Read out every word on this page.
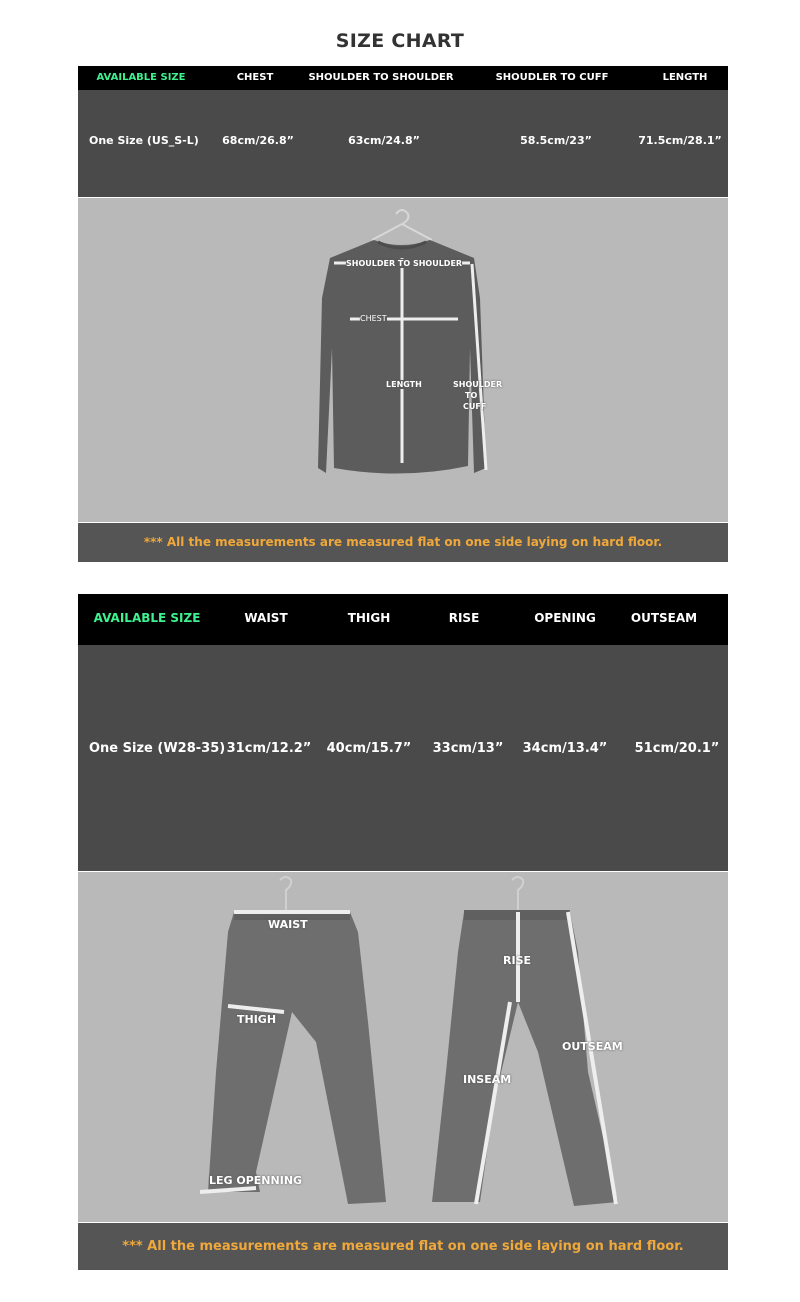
SIZE CHART
AVAILABLE SIZE	CHEST	SHOULDER TO SHOULDER	SHOUDLER TO CUFF	LENGTH
One Size (US_S-L) 68cm/26.8”	63cm/24.8”	58.5cm/23”	71.5cm/28.1”
SHOULDER TO SHOULDER
CHEST
LENGTH	SHOULDER
TO
CUFF
*** All the measurements are measured flat on one side laying on hard floor.
AVAILABLE SIZE	WAIST	THIGH	RISE	OPENING	OUTSEAM
One Size (W28-35) 31cm/12.2” 40cm/15.7” 33cm/13” 34cm/13.4” 51cm/20.1”
WAIST
THIGH
LEG OPENNING
RISE
INSEAM
OUTSEAM
*** All the measurements are measured flat on one side laying on hard floor.
